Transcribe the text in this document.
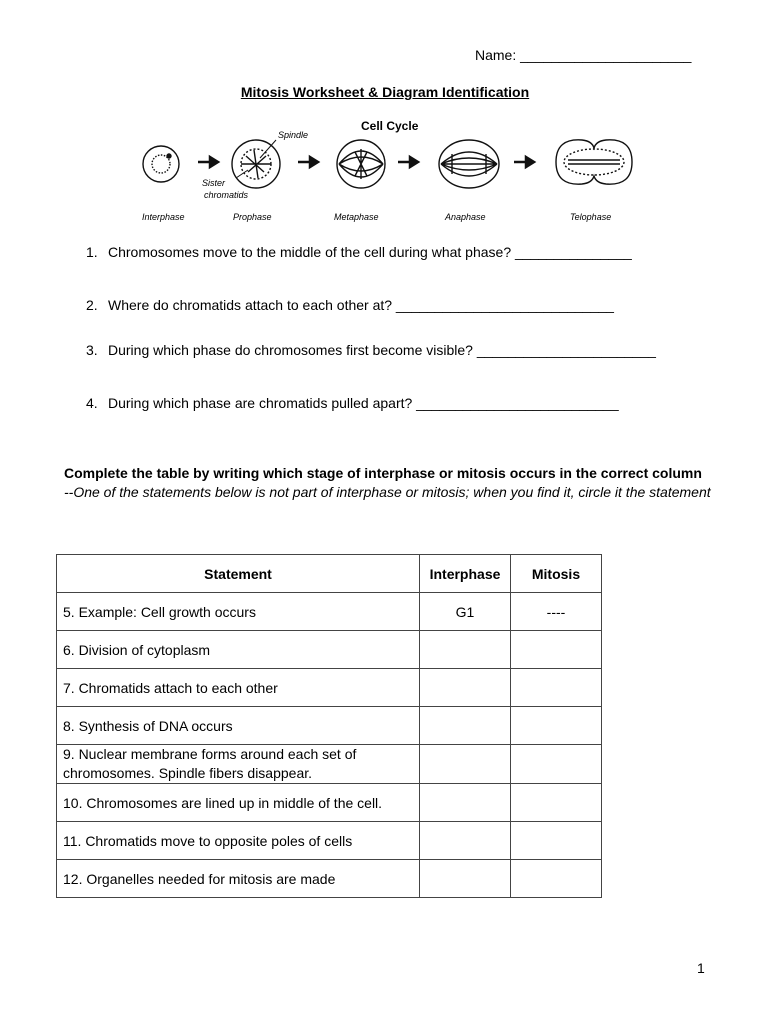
Name: ______________________
Mitosis Worksheet & Diagram Identification
Cell Cycle
Spindle
Sister
chromatids
Interphase	Prophase	Metaphase	Anaphase	Telophase
1. Chromosomes move to the middle of the cell during what phase? _______________
2. Where do chromatids attach to each other at? ____________________________
3. During which phase do chromosomes first become visible? _______________________
4. During which phase are chromatids pulled apart? __________________________
Complete the table by writing which stage of interphase or mitosis occurs in the correct column
--One of the statements below is not part of interphase or mitosis; when you find it, circle it the statement
Statement	Interphase	Mitosis
5. Example: Cell growth occurs	G1	----
6. Division of cytoplasm		
7. Chromatids attach to each other		
8. Synthesis of DNA occurs		
9. Nuclear membrane forms around each set of chromosomes. Spindle fibers disappear.		
10. Chromosomes are lined up in middle of the cell.		
11. Chromatids move to opposite poles of cells		
12. Organelles needed for mitosis are made		
1
